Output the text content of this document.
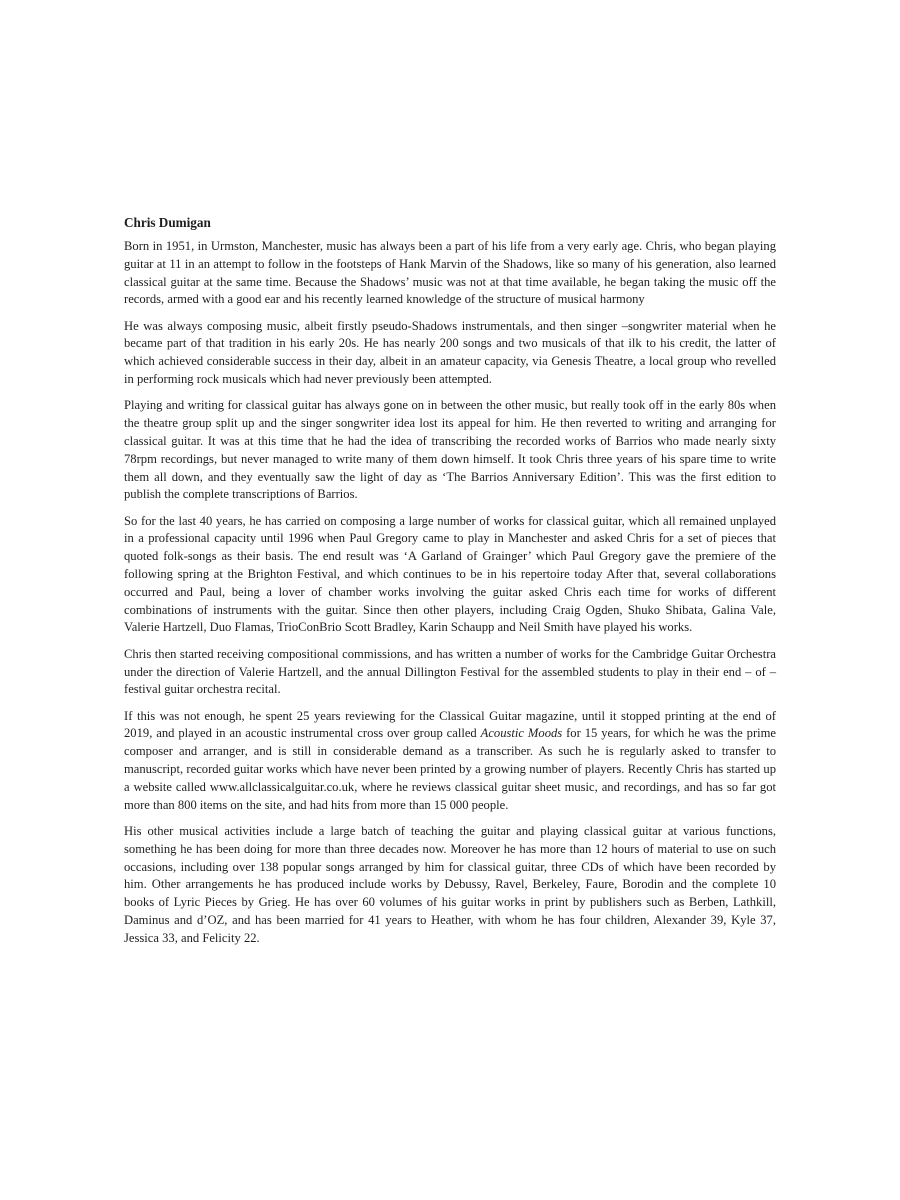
Chris Dumigan

Born in 1951, in Urmston, Manchester, music has always been a part of his life from a very early age. Chris, who began playing guitar at 11 in an attempt to follow in the footsteps of Hank Marvin of the Shadows, like so many of his generation, also learned classical guitar at the same time. Because the Shadows’ music was not at that time available, he began taking the music off the records, armed with a good ear and his recently learned knowledge of the structure of musical harmony

He was always composing music, albeit firstly pseudo-Shadows instrumentals, and then singer –songwriter material when he became part of that tradition in his early 20s. He has nearly 200 songs and two musicals of that ilk to his credit, the latter of which achieved considerable success in their day, albeit in an amateur capacity, via Genesis Theatre, a local group who revelled in performing rock musicals which had never previously been attempted.

Playing and writing for classical guitar has always gone on in between the other music, but really took off in the early 80s when the theatre group split up and the singer songwriter idea lost its appeal for him. He then reverted to writing and arranging for classical guitar. It was at this time that he had the idea of transcribing the recorded works of Barrios who made nearly sixty 78rpm recordings, but never managed to write many of them down himself. It took Chris three years of his spare time to write them all down, and they eventually saw the light of day as ‘The Barrios Anniversary Edition’. This was the first edition to publish the complete transcriptions of Barrios.

So for the last 40 years, he has carried on composing a large number of works for classical guitar, which all remained unplayed in a professional capacity until 1996 when Paul Gregory came to play in Manchester and asked Chris for a set of pieces that quoted folk-songs as their basis. The end result was ‘A Garland of Grainger’ which Paul Gregory gave the premiere of the following spring at the Brighton Festival, and which continues to be in his repertoire today After that, several collaborations occurred and Paul, being a lover of chamber works involving the guitar asked Chris each time for works of different combinations of instruments with the guitar. Since then other players, including Craig Ogden, Shuko Shibata, Galina Vale, Valerie Hartzell, Duo Flamas, TrioConBrio Scott Bradley, Karin Schaupp and Neil Smith have played his works.

Chris then started receiving compositional commissions, and has written a number of works for the Cambridge Guitar Orchestra under the direction of Valerie Hartzell, and the annual Dillington Festival for the assembled students to play in their end – of – festival guitar orchestra recital.

If this was not enough, he spent 25 years reviewing for the Classical Guitar magazine, until it stopped printing at the end of 2019, and played in an acoustic instrumental cross over group called Acoustic Moods for 15 years, for which he was the prime composer and arranger, and is still in considerable demand as a transcriber. As such he is regularly asked to transfer to manuscript, recorded guitar works which have never been printed by a growing number of players. Recently Chris has started up a website called www.allclassicalguitar.co.uk, where he reviews classical guitar sheet music, and recordings, and has so far got more than 800 items on the site, and had hits from more than 15 000 people.

His other musical activities include a large batch of teaching the guitar and playing classical guitar at various functions, something he has been doing for more than three decades now. Moreover he has more than 12 hours of material to use on such occasions, including over 138 popular songs arranged by him for classical guitar, three CDs of which have been recorded by him. Other arrangements he has produced include works by Debussy, Ravel, Berkeley, Faure, Borodin and the complete 10 books of Lyric Pieces by Grieg. He has over 60 volumes of his guitar works in print by publishers such as Berben, Lathkill, Daminus and d’OZ, and has been married for 41 years to Heather, with whom he has four children, Alexander 39, Kyle 37, Jessica 33, and Felicity 22.
